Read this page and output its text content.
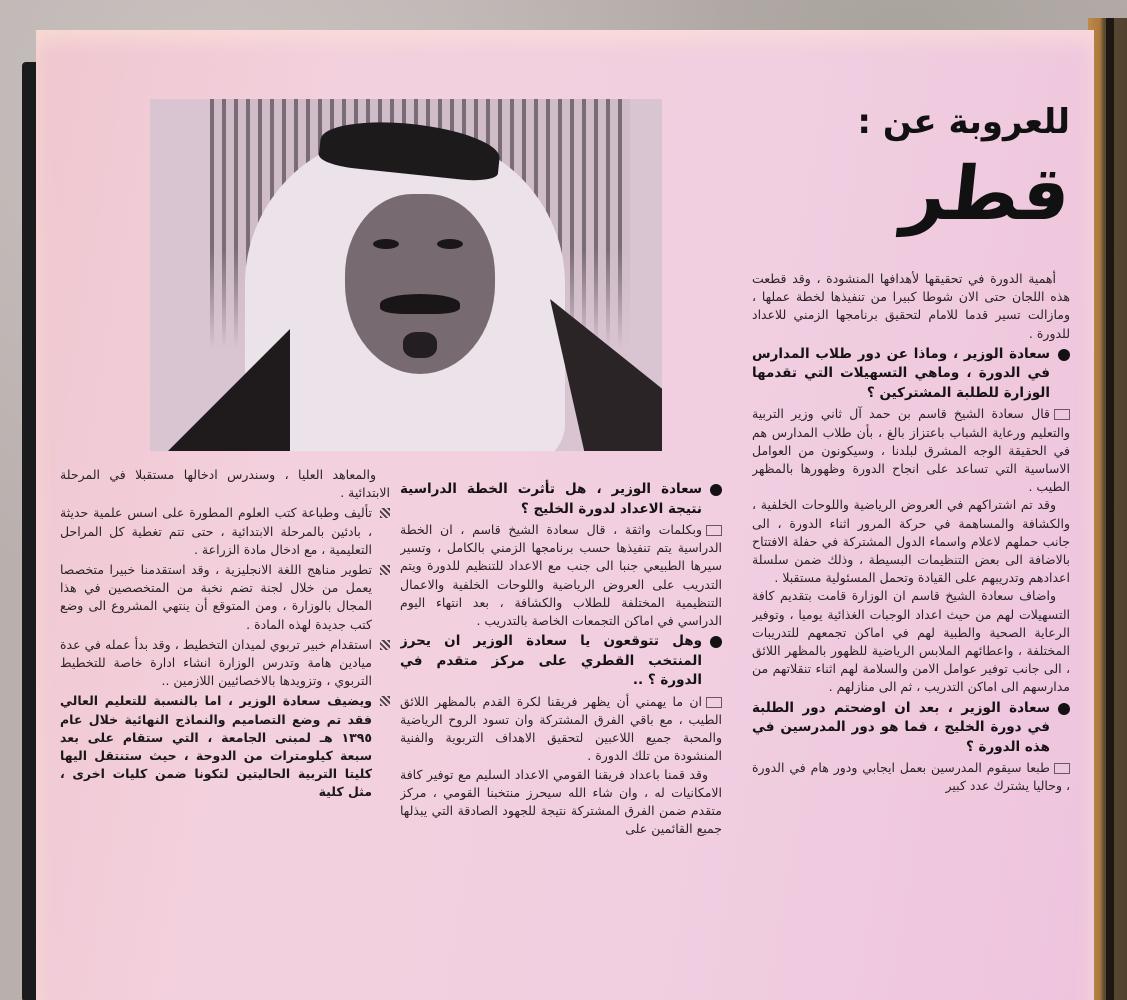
للعروبة عن :
قطر

أهمية الدورة في تحقيقها لأهدافها المنشودة ، وقد قطعت هذه اللجان حتى الان شوطا كبيرا من تنفيذها لخطة عملها ، ومازالت تسير قدما للامام لتحقيق برنامجها الزمني للاعداد للدورة .

سعادة الوزير ، وماذا عن دور طلاب المدارس في الدورة ، وماهي التسهيلات التي تقدمها الوزارة للطلبة المشتركين ؟

قال سعادة الشيخ قاسم بن حمد آل ثاني وزير التربية والتعليم ورعاية الشباب باعتزاز بالغ ، بأن طلاب المدارس هم في الحقيقة الوجه المشرق لبلدنا ، وسيكونون من العوامل الاساسية التي تساعد على انجاح الدورة وظهورها بالمظهر الطيب .

وقد تم اشتراكهم في العروض الرياضية واللوحات الخلفية ، والكشافة والمساهمة في حركة المرور اثناء الدورة ، الى جانب حملهم لاعلام واسماء الدول المشتركة في حفلة الافتتاح بالاضافة الى بعض التنظيمات البسيطة ، وذلك ضمن سلسلة اعدادهم وتدريبهم على القيادة وتحمل المسئولية مستقبلا .

واضاف سعادة الشيخ قاسم ان الوزارة قامت بتقديم كافة التسهيلات لهم من حيث اعداد الوجبات الغذائية يوميا ، وتوفير الرعاية الصحية والطبية لهم في اماكن تجمعهم للتدريبات المختلفة ، واعطائهم الملابس الرياضية للظهور بالمظهر اللائق ، الى جانب توفير عوامل الامن والسلامة لهم اثناء تنقلاتهم من مدارسهم الى اماكن التدريب ، ثم الى منازلهم .

سعادة الوزير ، بعد ان اوضحتم دور الطلبة في دورة الخليج ، فما هو دور المدرسين في هذه الدورة ؟

طبعا سيقوم المدرسين بعمل ايجابي ودور هام في الدورة ، وحاليا يشترك عدد كبير

سعادة الوزير ، هل تأثرت الخطة الدراسية نتيجة الاعداد لدورة الخليج ؟

وبكلمات واثقة ، قال سعادة الشيخ قاسم ، ان الخطة الدراسية يتم تنفيذها حسب برنامجها الزمني بالكامل ، وتسير سيرها الطبيعي جنبا الى جنب مع الاعداد للتنظيم للدورة ويتم التدريب على العروض الرياضية واللوحات الخلفية والاعمال التنظيمية المختلفة للطلاب والكشافة ، بعد انتهاء اليوم الدراسي في اماكن التجمعات الخاصة بالتدريب .

وهل تتوقعون يا سعادة الوزير ان يحرز المنتخب القطري على مركز متقدم في الدورة ؟ ..

ان ما يهمني أن يظهر فريقنا لكرة القدم بالمظهر اللائق الطيب ، مع باقي الفرق المشتركة وان تسود الروح الرياضية والمحبة جميع اللاعبين لتحقيق الاهداف التربوية والفنية المنشودة من تلك الدورة .

وقد قمنا باعداد فريقنا القومي الاعداد السليم مع توفير كافة الامكانيات له ، وان شاء الله سيحرز منتخبنا القومي ، مركز متقدم ضمن الفرق المشتركة نتيجة للجهود الصادقة التي يبذلها جميع القائمين على

والمعاهد العليا ، وسندرس ادخالها مستقبلا في المرحلة الابتدائية .

تأليف وطباعة كتب العلوم المطورة على اسس علمية حديثة ، بادئين بالمرحلة الابتدائية ، حتى تتم تغطية كل المراحل التعليمية ، مع ادخال مادة الزراعة .

تطوير مناهج اللغة الانجليزية ، وقد استقدمنا خبيرا متخصصا يعمل من خلال لجنة تضم نخبة من المتخصصين في هذا المجال بالوزارة ، ومن المتوقع أن ينتهي المشروع الى وضع كتب جديدة لهذه المادة .

استقدام خبير تربوي لميدان التخطيط ، وقد بدأ عمله في عدة ميادين هامة وتدرس الوزارة انشاء ادارة خاصة للتخطيط التربوي ، وتزويدها بالاخصائيين اللازمين ..

ويضيف سعادة الوزير ، اما بالنسبة للتعليم العالي فقد تم وضع التصاميم والنماذج النهائية خلال عام ١٣٩٥ هـ لمبنى الجامعة ، التي ستقام على بعد سبعة كيلومترات من الدوحة ، حيث ستنتقل اليها كليتا التربية الحاليتين لتكونا ضمن كليات اخرى ، مثل كلية
